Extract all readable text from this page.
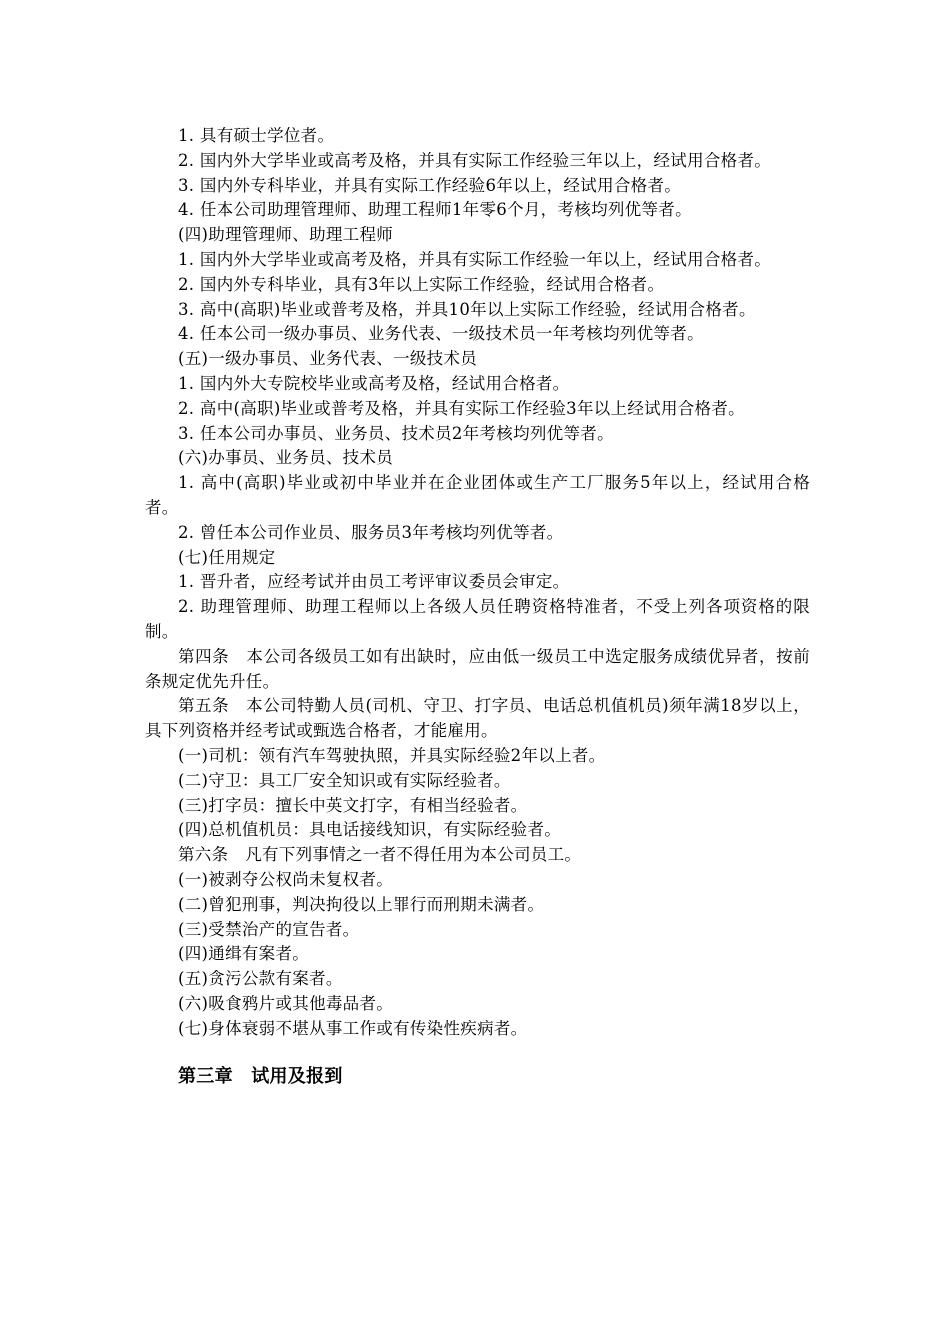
1. 具有硕士学位者。

2. 国内外大学毕业或高考及格，并具有实际工作经验三年以上，经试用合格者。

3. 国内外专科毕业，并具有实际工作经验6年以上，经试用合格者。

4. 任本公司助理管理师、助理工程师1年零6个月，考核均列优等者。

(四)助理管理师、助理工程师

1. 国内外大学毕业或高考及格，并具有实际工作经验一年以上，经试用合格者。

2. 国内外专科毕业，具有3年以上实际工作经验，经试用合格者。

3. 高中(高职)毕业或普考及格，并具10年以上实际工作经验，经试用合格者。

4. 任本公司一级办事员、业务代表、一级技术员一年考核均列优等者。

(五)一级办事员、业务代表、一级技术员

1. 国内外大专院校毕业或高考及格，经试用合格者。

2. 高中(高职)毕业或普考及格，并具有实际工作经验3年以上经试用合格者。

3. 任本公司办事员、业务员、技术员2年考核均列优等者。

(六)办事员、业务员、技术员

1. 高中(高职)毕业或初中毕业并在企业团体或生产工厂服务5年以上，经试用合格者。

2. 曾任本公司作业员、服务员3年考核均列优等者。

(七)任用规定

1. 晋升者，应经考试并由员工考评审议委员会审定。

2. 助理管理师、助理工程师以上各级人员任聘资格特准者，不受上列各项资格的限制。

第四条　本公司各级员工如有出缺时，应由低一级员工中选定服务成绩优异者，按前条规定优先升任。

第五条　本公司特勤人员(司机、守卫、打字员、电话总机值机员)须年满18岁以上，具下列资格并经考试或甄选合格者，才能雇用。

(一)司机：领有汽车驾驶执照，并具实际经验2年以上者。

(二)守卫：具工厂安全知识或有实际经验者。

(三)打字员：擅长中英文打字，有相当经验者。

(四)总机值机员：具电话接线知识，有实际经验者。

第六条　凡有下列事情之一者不得任用为本公司员工。

(一)被剥夺公权尚未复权者。

(二)曾犯刑事，判决拘役以上罪行而刑期未满者。

(三)受禁治产的宣告者。

(四)通缉有案者。

(五)贪污公款有案者。

(六)吸食鸦片或其他毒品者。

(七)身体衰弱不堪从事工作或有传染性疾病者。

第三章　试用及报到
